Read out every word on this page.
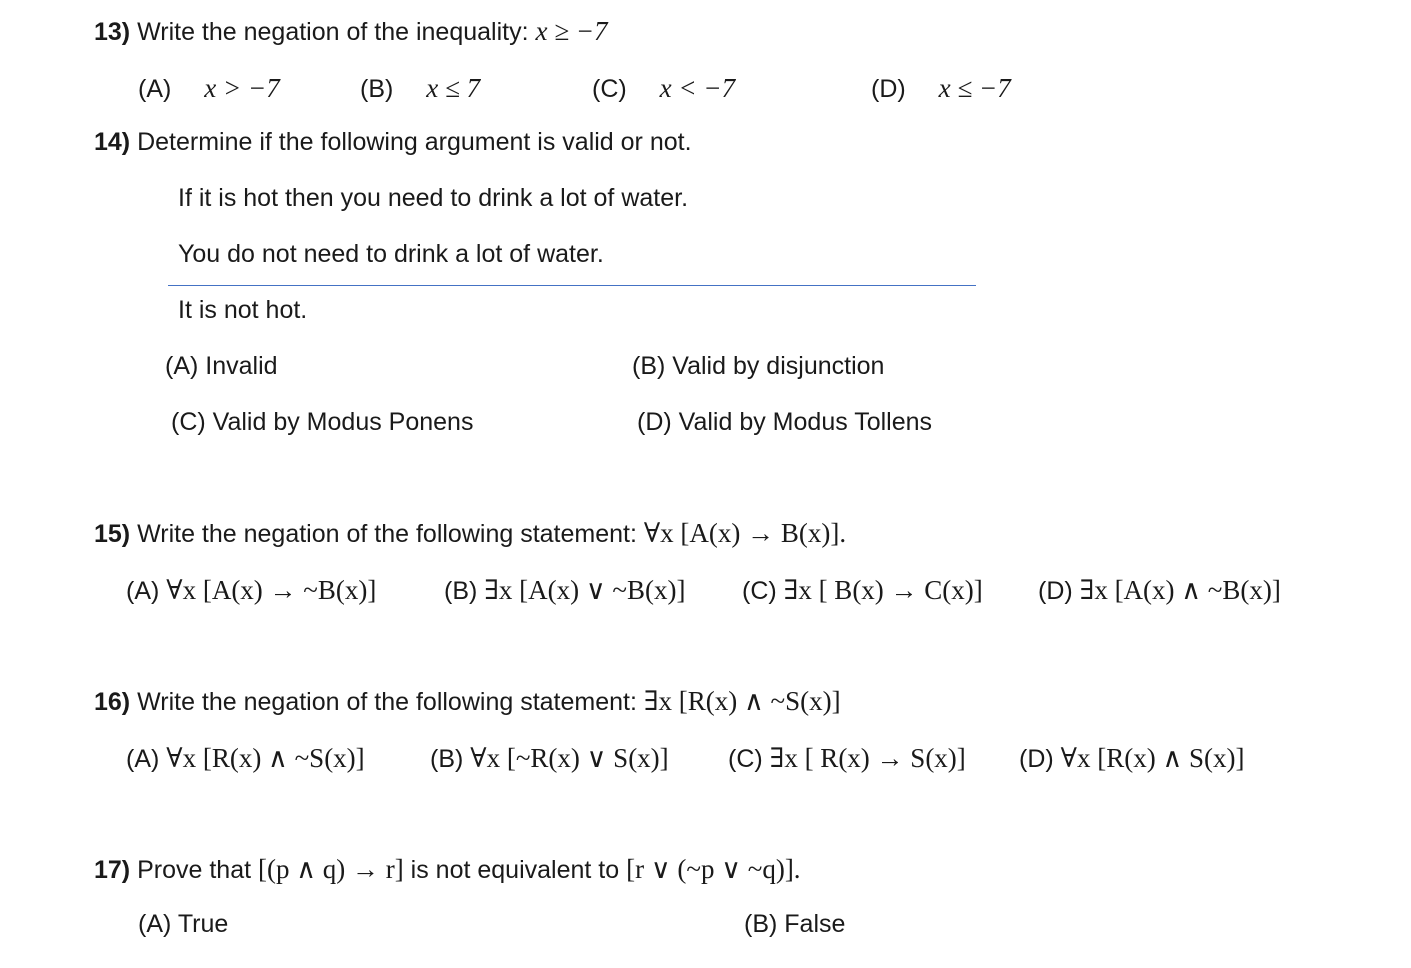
13) Write the negation of the inequality: x ≥ −7
(A) x > −7	(B) x ≤ 7	(C) x < −7	(D) x ≤ −7
14) Determine if the following argument is valid or not.
If it is hot then you need to drink a lot of water.
You do not need to drink a lot of water.
It is not hot.
(A) Invalid	(B) Valid by disjunction
(C) Valid by Modus Ponens	(D) Valid by Modus Tollens
15) Write the negation of the following statement: ∀x [A(x) → B(x)].
(A) ∀x [A(x) → ~B(x)]	(B) ∃x [A(x) ∨ ~B(x)] (C) ∃x [ B(x) → C(x)] (D) ∃x [A(x) ∧ ~B(x)]
16) Write the negation of the following statement: ∃x [R(x) ∧ ~S(x)]
(A) ∀x [R(x) ∧ ~S(x)]	(B) ∀x [~R(x) ∨ S(x)] (C) ∃x [ R(x) → S(x)] (D) ∀x [R(x) ∧ S(x)]
17) Prove that [(p ∧ q) → r] is not equivalent to [r ∨ (~p ∨ ~q)].
(A) True	(B) False
